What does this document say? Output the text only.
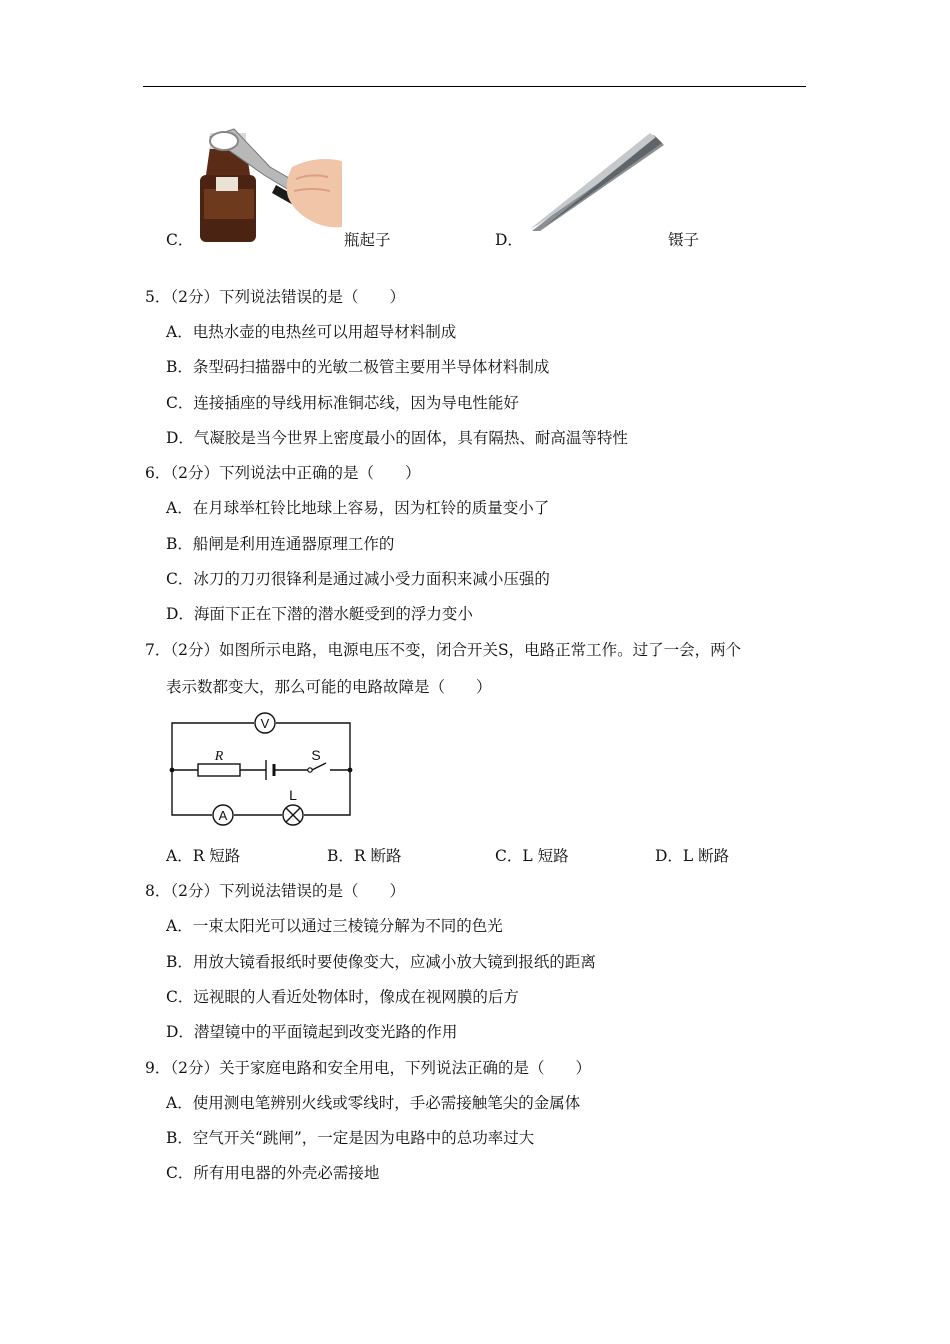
C．	瓶起子	D．	镊子
5．（2分）下列说法错误的是（　　）
A．电热水壶的电热丝可以用超导材料制成
B．条型码扫描器中的光敏二极管主要用半导体材料制成
C．连接插座的导线用标准铜芯线，因为导电性能好
D．气凝胶是当今世界上密度最小的固体，具有隔热、耐高温等特性
6．（2分）下列说法中正确的是（　　）
A．在月球举杠铃比地球上容易，因为杠铃的质量变小了
B．船闸是利用连通器原理工作的
C．冰刀的刀刃很锋利是通过减小受力面积来减小压强的
D．海面下正在下潜的潜水艇受到的浮力变小
7．（2分）如图所示电路，电源电压不变，闭合开关S，电路正常工作。过了一会，两个
表示数都变大，那么可能的电路故障是（　　）
V
A
R	S
L
A．R 短路	B．R 断路	C．L 短路	D．L 断路
8．（2分）下列说法错误的是（　　）
A．一束太阳光可以通过三棱镜分解为不同的色光
B．用放大镜看报纸时要使像变大，应减小放大镜到报纸的距离
C．远视眼的人看近处物体时，像成在视网膜的后方
D．潜望镜中的平面镜起到改变光路的作用
9．（2分）关于家庭电路和安全用电，下列说法正确的是（　　）
A．使用测电笔辨别火线或零线时，手必需接触笔尖的金属体
B．空气开关“跳闸”，一定是因为电路中的总功率过大
C．所有用电器的外壳必需接地
